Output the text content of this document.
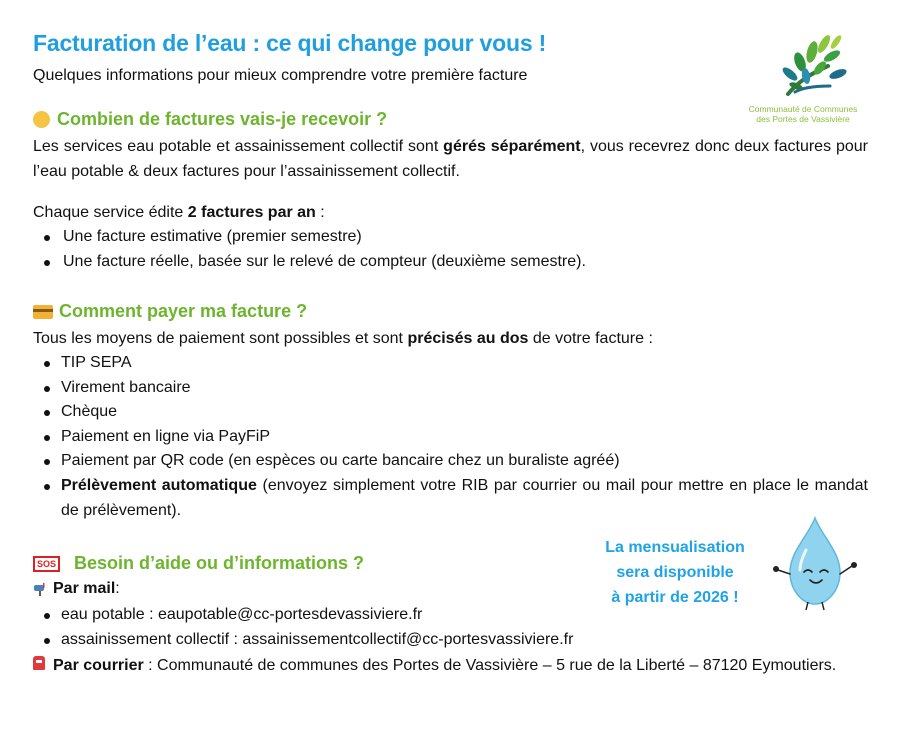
Facturation de l’eau : ce qui change pour vous !
Quelques informations pour mieux comprendre votre première facture
Communauté de Communes
des Portes de Vassivière
Combien de factures vais-je recevoir ?
Les services eau potable et assainissement collectif sont gérés séparément, vous recevrez donc deux factures pour l’eau potable & deux factures pour l’assainissement collectif.
Chaque service édite 2 factures par an :
Une facture estimative (premier semestre)
Une facture réelle, basée sur le relevé de compteur (deuxième semestre).
Comment payer ma facture ?
Tous les moyens de paiement sont possibles et sont précisés au dos de votre facture :
TIP SEPA
Virement bancaire
Chèque
Paiement en ligne via PayFiP
Paiement par QR code (en espèces ou carte bancaire chez un buraliste agréé)
Prélèvement automatique (envoyez simplement votre RIB par courrier ou mail pour mettre en place le mandat de prélèvement).
SOS Besoin d’aide ou d’informations ?
Par mail :
eau potable : eaupotable@cc-portesdevassiviere.fr
assainissement collectif : assainissementcollectif@cc-portesvassiviere.fr
Par courrier : Communauté de communes des Portes de Vassivière – 5 rue de la Liberté – 87120 Eymoutiers.
La mensualisation
sera disponible
à partir de 2026 !
